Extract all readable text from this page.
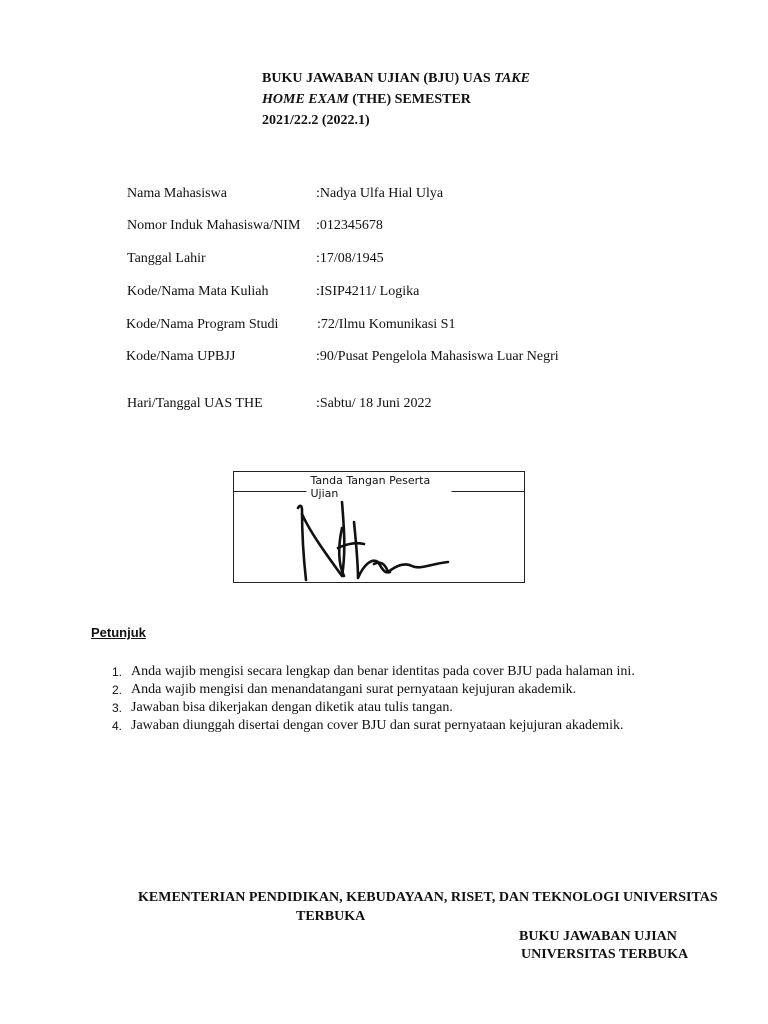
BUKU JAWABAN UJIAN (BJU) UAS TAKE
HOME EXAM (THE) SEMESTER
2021/22.2 (2022.1)
Nama Mahasiswa	:Nadya Ulfa Hial Ulya
Nomor Induk Mahasiswa/NIM :012345678
Tanggal Lahir	:17/08/1945
Kode/Nama Mata Kuliah	:ISIP4211/ Logika
Kode/Nama Program Studi	:72/Ilmu Komunikasi S1
Kode/Nama UPBJJ	:90/Pusat Pengelola Mahasiswa Luar Negri
Hari/Tanggal UAS THE	:Sabtu/ 18 Juni 2022
Tanda Tangan Peserta Ujian
Petunjuk
1. Anda wajib mengisi secara lengkap dan benar identitas pada cover BJU pada halaman ini.
2. Anda wajib mengisi dan menandatangani surat pernyataan kejujuran akademik.
3. Jawaban bisa dikerjakan dengan diketik atau tulis tangan.
4. Jawaban diunggah disertai dengan cover BJU dan surat pernyataan kejujuran akademik.
KEMENTERIAN PENDIDIKAN, KEBUDAYAAN, RISET, DAN TEKNOLOGI UNIVERSITAS
TERBUKA
BUKU JAWABAN UJIAN
UNIVERSITAS TERBUKA
